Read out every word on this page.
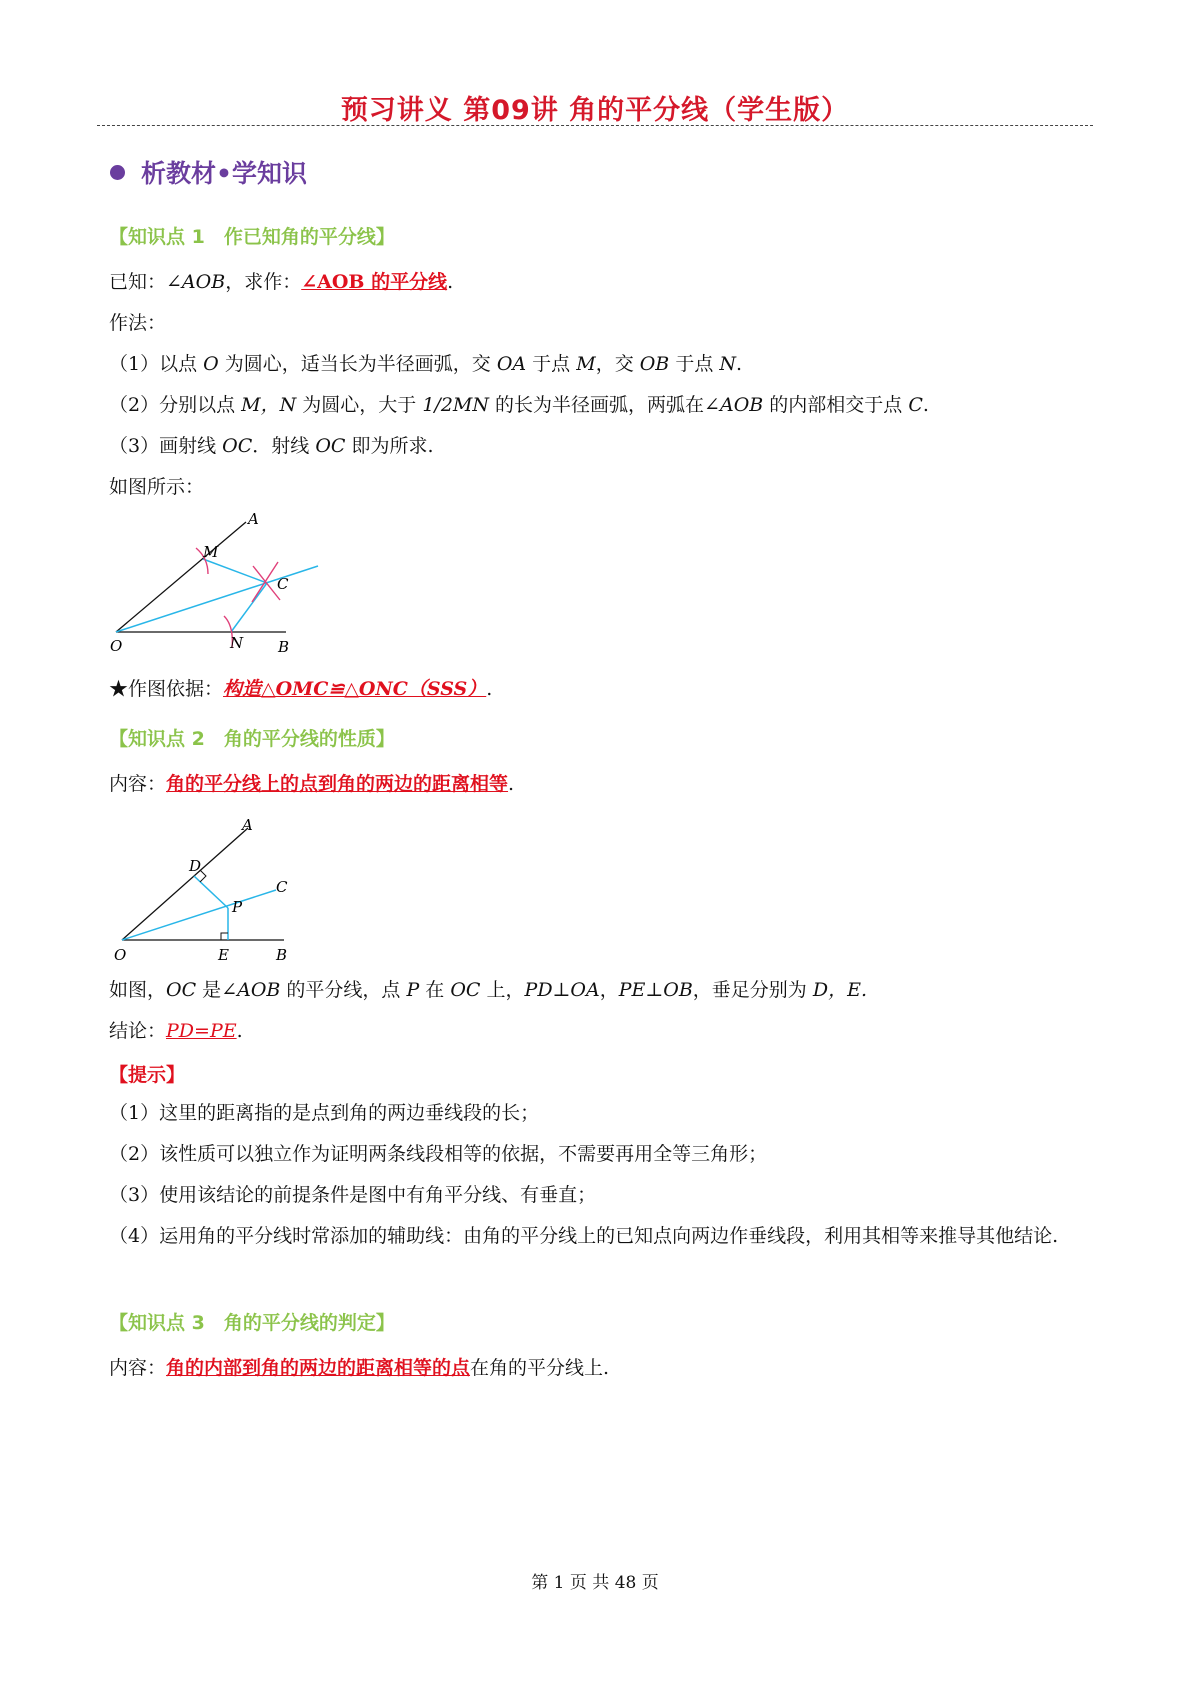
预习讲义 第09讲 角的平分线（学生版）
析教材•学知识
【知识点 1　作已知角的平分线】
已知：∠AOB，求作：∠AOB 的平分线.
作法：
（1）以点 O 为圆心，适当长为半径画弧，交 OA 于点 M，交 OB 于点 N.
（2）分别以点 M，N 为圆心，大于 1/2MN 的长为半径画弧，两弧在∠AOB 的内部相交于点 C.
（3）画射线 OC．射线 OC 即为所求.
如图所示：
A
M
C
O	N B
★作图依据：构造△OMC≌△ONC（SSS）.
【知识点 2　角的平分线的性质】
内容：角的平分线上的点到角的两边的距离相等.
A
D
C
P
O	E	B
如图，OC 是∠AOB 的平分线，点 P 在 OC 上，PD⊥OA，PE⊥OB，垂足分别为 D，E.
结论：PD=PE.
【提示】
（1）这里的距离指的是点到角的两边垂线段的长；
（2）该性质可以独立作为证明两条线段相等的依据，不需要再用全等三角形；
（3）使用该结论的前提条件是图中有角平分线、有垂直；
（4）运用角的平分线时常添加的辅助线：由角的平分线上的已知点向两边作垂线段，利用其相等来推导其他结论.
【知识点 3　角的平分线的判定】
内容：角的内部到角的两边的距离相等的点在角的平分线上.
第 1 页 共 48 页
